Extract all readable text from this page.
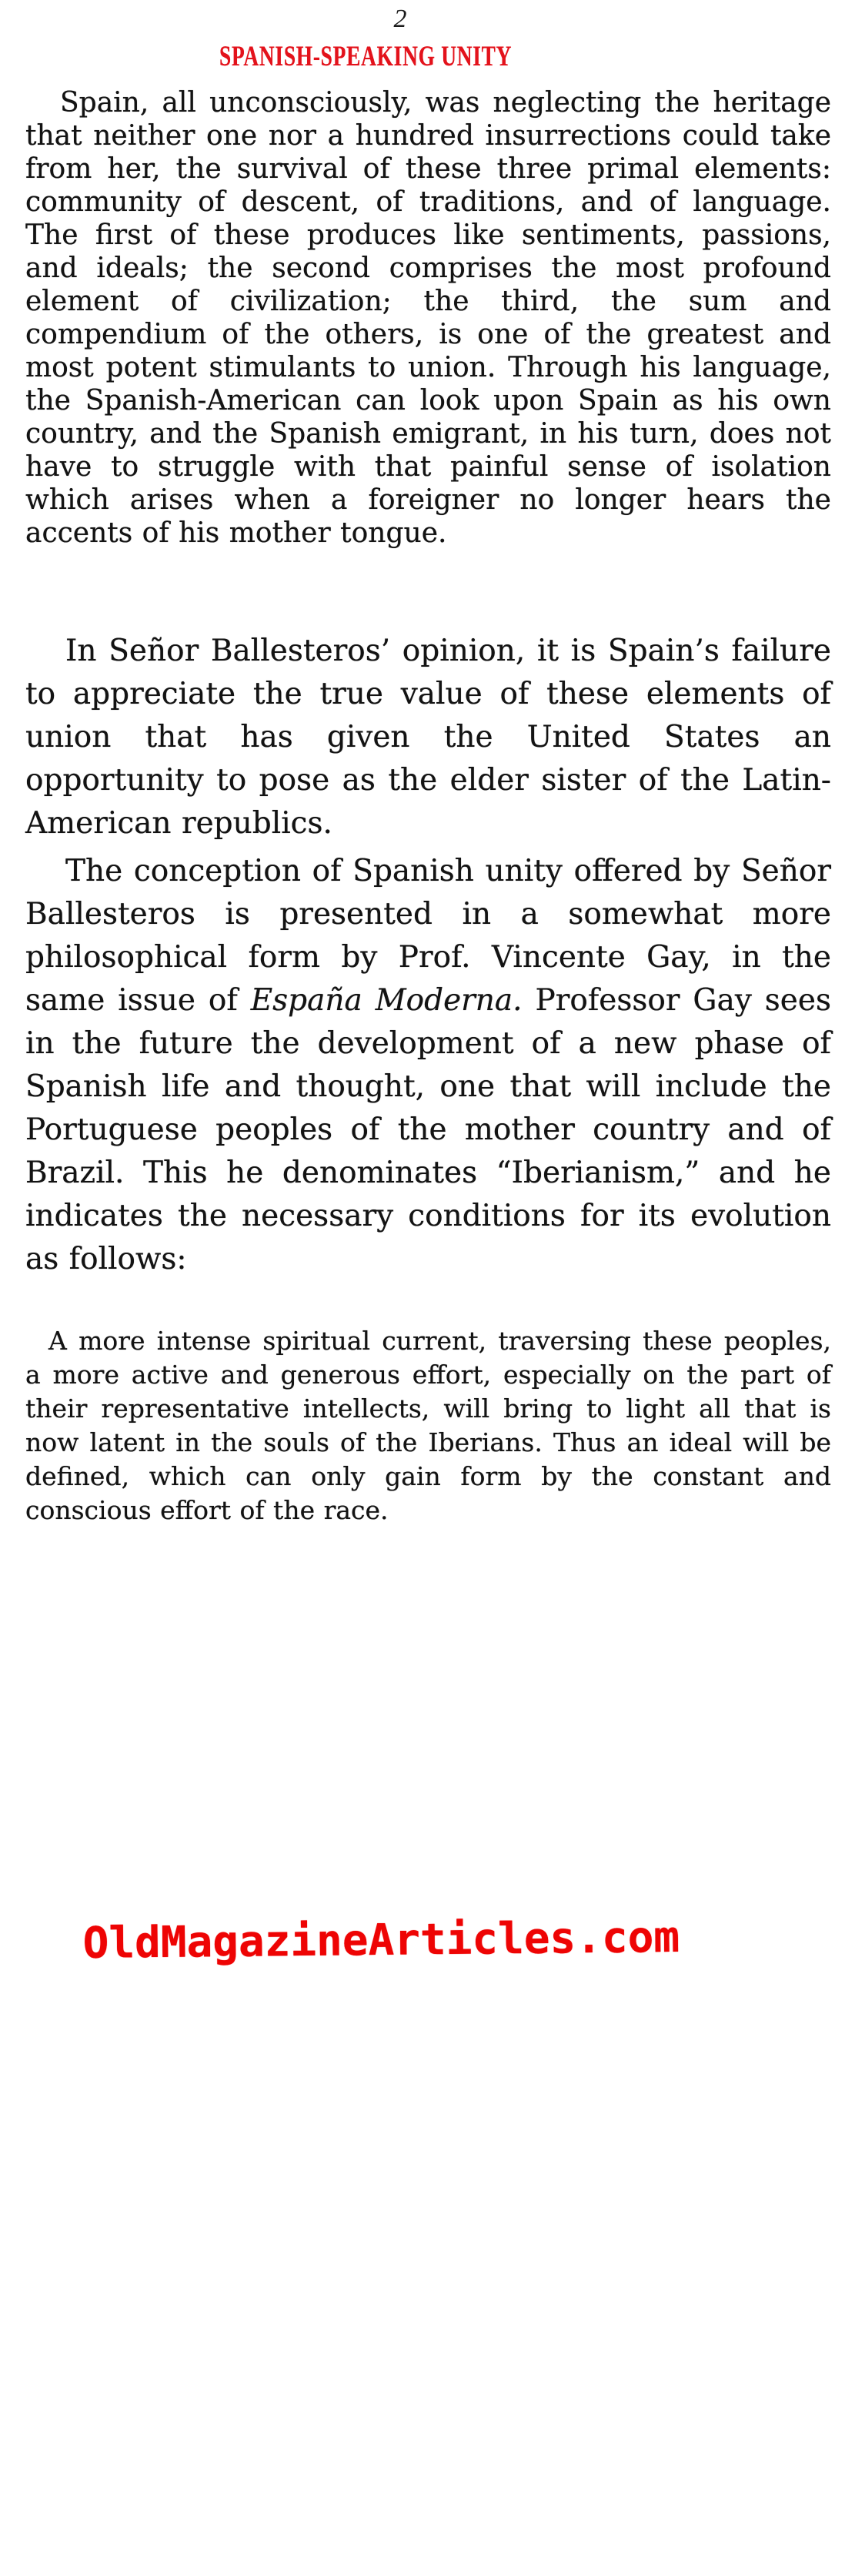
2
SPANISH-SPEAKING UNITY

Spain, all unconsciously, was neglecting the heritage that neither one nor a hundred insurrections could take from her, the survival of these three primal elements: community of descent, of traditions, and of language. The first of these produces like sentiments, passions, and ideals; the second comprises the most profound element of civilization; the third, the sum and compendium of the others, is one of the greatest and most potent stimulants to union. Through his language, the Spanish-American can look upon Spain as his own country, and the Spanish emigrant, in his turn, does not have to struggle with that painful sense of isolation which arises when a foreigner no longer hears the accents of his mother tongue.

In Señor Ballesteros’ opinion, it is Spain’s failure to appreciate the true value of these elements of union that has given the United States an opportunity to pose as the elder sister of the Latin-American republics.

The conception of Spanish unity offered by Señor Ballesteros is presented in a somewhat more philosophical form by Prof. Vincente Gay, in the same issue of España Moderna. Professor Gay sees in the future the development of a new phase of Spanish life and thought, one that will include the Portuguese peoples of the mother country and of Brazil. This he denominates “Iberianism,” and he indicates the necessary conditions for its evolution as follows:

A more intense spiritual current, traversing these peoples, a more active and generous effort, especially on the part of their representative intellects, will bring to light all that is now latent in the souls of the Iberians. Thus an ideal will be defined, which can only gain form by the constant and conscious effort of the race.

OldMagazineArticles.com
